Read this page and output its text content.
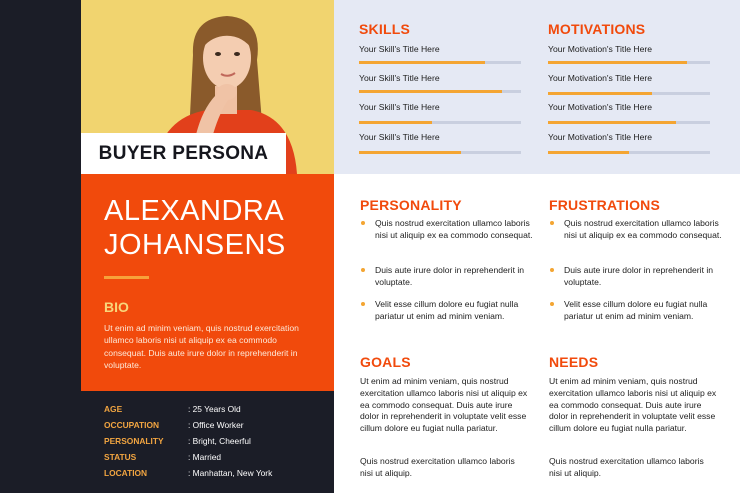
BUYER PERSONA
ALEXANDRA
JOHANSENS
BIO
Ut enim ad minim veniam, quis nostrud exercitation ullamco laboris nisi ut aliquip ex ea commodo consequat. Duis aute irure dolor in reprehenderit in voluptate.
AGE	: 25 Years Old
OCCUPATION	: Office Worker
PERSONALITY	: Bright, Cheerful
STATUS	: Married
LOCATION	: Manhattan, New York
SKILLS	MOTIVATIONS
Your Skill's Title Here
Your Skill's Title Here
Your Skill's Title Here
Your Skill's Title Here
Your Motivation's Title Here
Your Motivation's Title Here
Your Motivation's Title Here
Your Motivation's Title Here
PERSONALITY
Quis nostrud exercitation ullamco laboris nisi ut aliquip ex ea commodo consequat.
Duis aute irure dolor in reprehenderit in voluptate.
Velit esse cillum dolore eu fugiat nulla pariatur ut enim ad minim veniam.
FRUSTRATIONS
Quis nostrud exercitation ullamco laboris nisi ut aliquip ex ea commodo consequat.
Duis aute irure dolor in reprehenderit in voluptate.
Velit esse cillum dolore eu fugiat nulla pariatur ut enim ad minim veniam.
GOALS
Ut enim ad minim veniam, quis nostrud exercitation ullamco laboris nisi ut aliquip ex ea commodo consequat. Duis aute irure dolor in reprehenderit in voluptate velit esse cillum dolore eu fugiat nulla pariatur.
Quis nostrud exercitation ullamco laboris nisi ut aliquip.
NEEDS
Ut enim ad minim veniam, quis nostrud exercitation ullamco laboris nisi ut aliquip ex ea commodo consequat. Duis aute irure dolor in reprehenderit in voluptate velit esse cillum dolore eu fugiat nulla pariatur.
Quis nostrud exercitation ullamco laboris nisi ut aliquip.
